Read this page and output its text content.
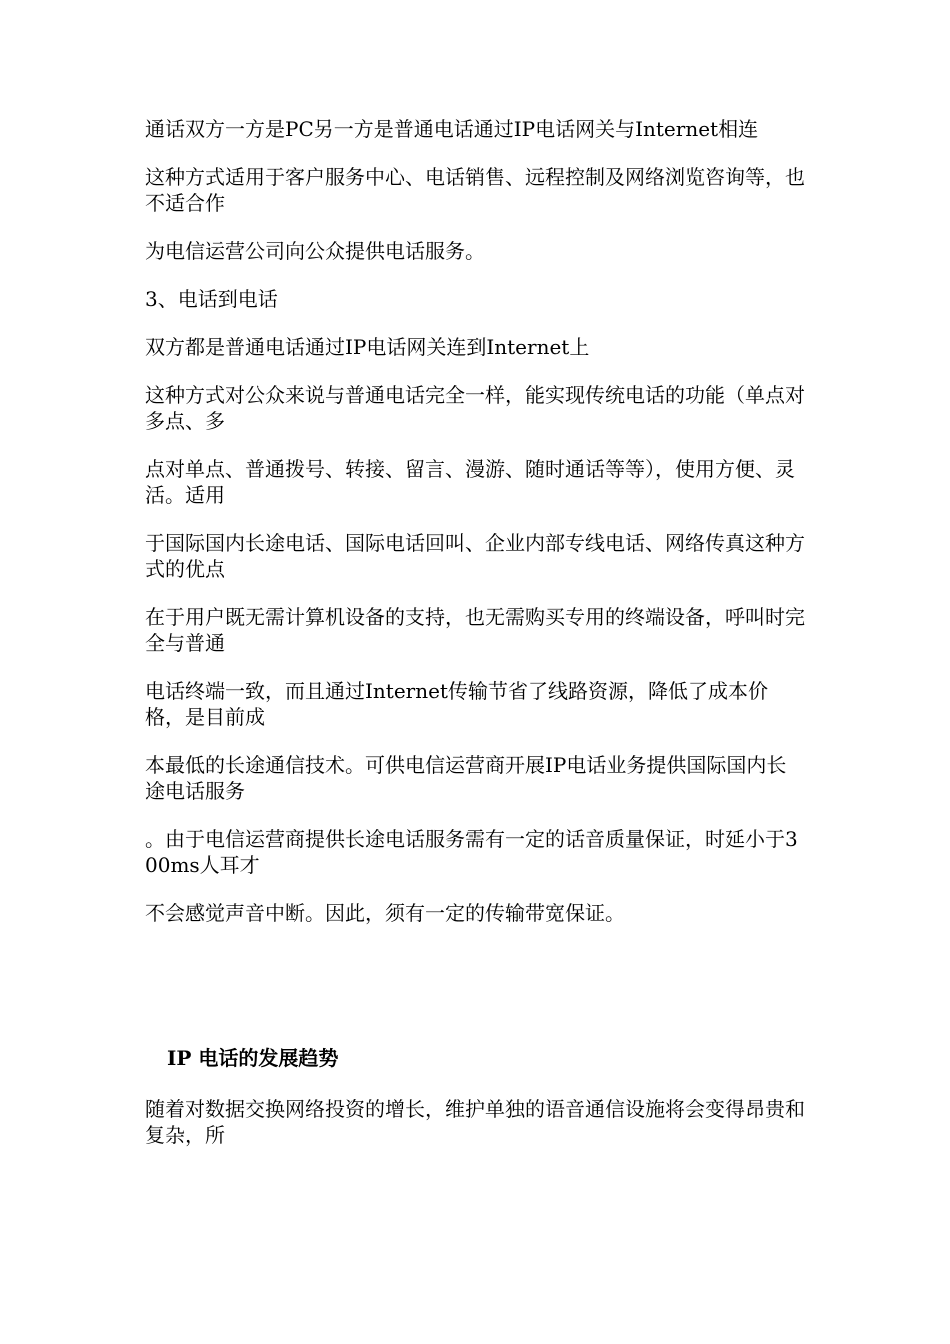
通话双方一方是PC另一方是普通电话通过IP电话网关与Internet相连

这种方式适用于客户服务中心、电话销售、远程控制及网络浏览咨询等，也不适合作

为电信运营公司向公众提供电话服务。

3、电话到电话

双方都是普通电话通过IP电话网关连到Internet上

这种方式对公众来说与普通电话完全一样，能实现传统电话的功能（单点对多点、多

点对单点、普通拨号、转接、留言、漫游、随时通话等等），使用方便、灵活。适用

于国际国内长途电话、国际电话回叫、企业内部专线电话、网络传真这种方式的优点

在于用户既无需计算机设备的支持，也无需购买专用的终端设备，呼叫时完全与普通

电话终端一致，而且通过Internet传输节省了线路资源，降低了成本价格，是目前成

本最低的长途通信技术。可供电信运营商开展IP电话业务提供国际国内长途电话服务

。由于电信运营商提供长途电话服务需有一定的话音质量保证，时延小于300ms人耳才

不会感觉声音中断。因此，须有一定的传输带宽保证。

IP 电话的发展趋势

随着对数据交换网络投资的增长，维护单独的语音通信设施将会变得昂贵和复杂，所
